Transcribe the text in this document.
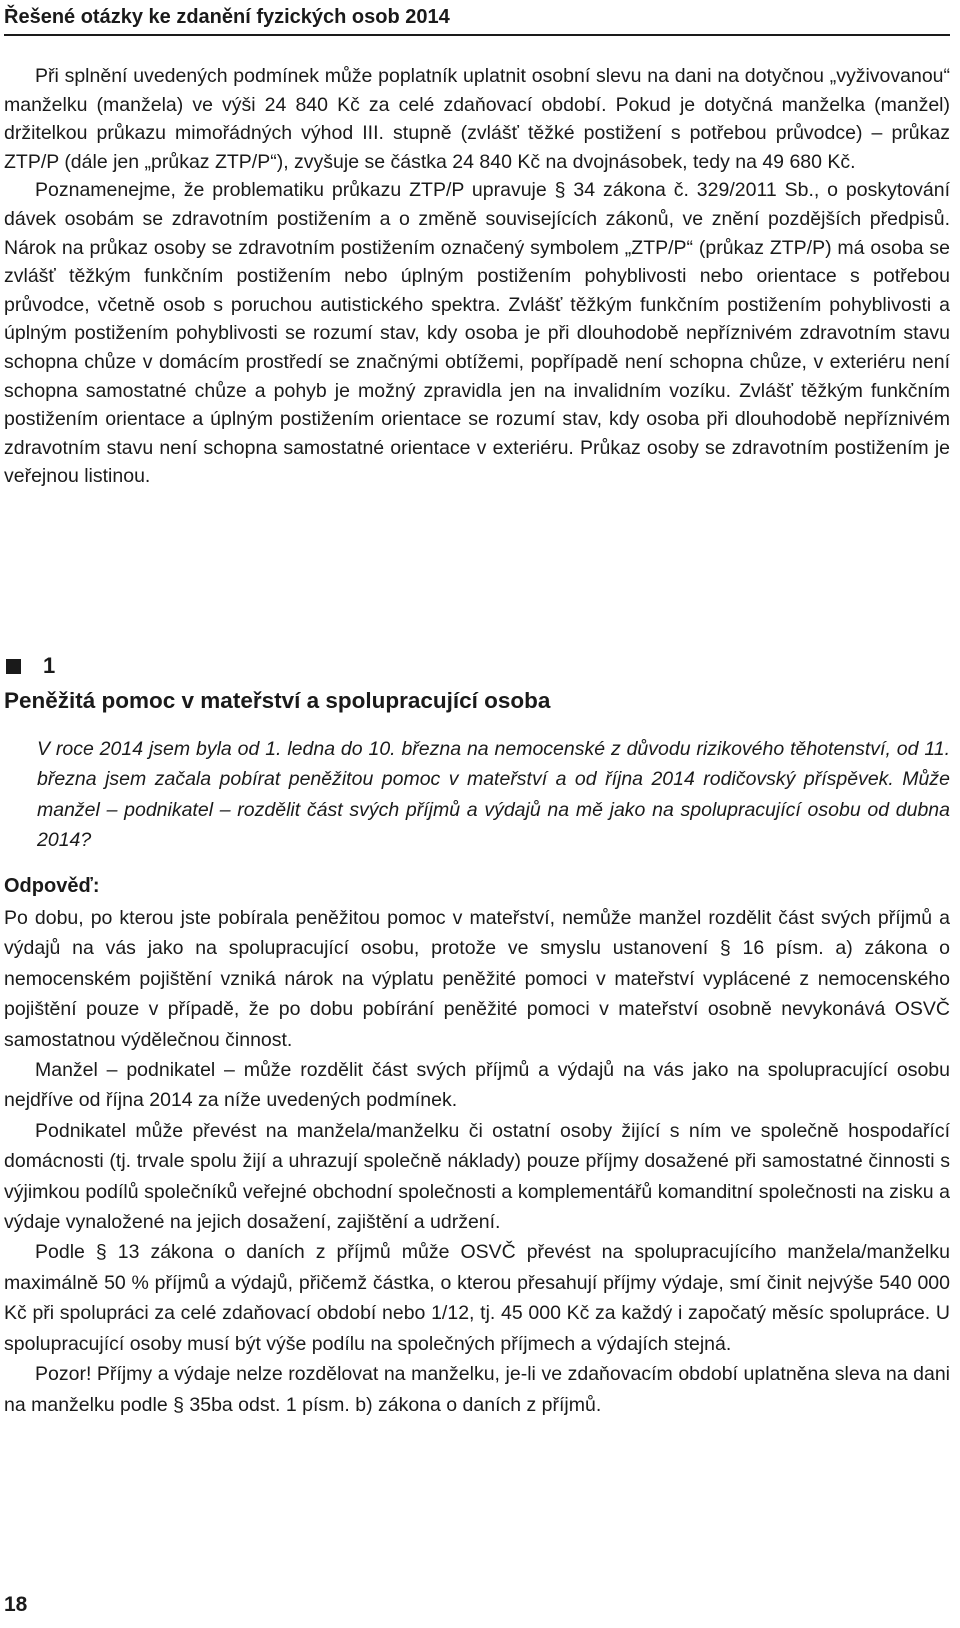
Řešené otázky ke zdanění fyzických osob 2014

Při splnění uvedených podmínek může poplatník uplatnit osobní slevu na dani na dotyčnou „vyživovanou“ manželku (manžela) ve výši 24 840 Kč za celé zdaňovací období. Pokud je dotyčná manželka (manžel) držitelkou průkazu mimořádných výhod III. stupně (zvlášť těžké postižení s potřebou průvodce) – průkaz ZTP/P (dále jen „průkaz ZTP/P“), zvyšuje se částka 24 840 Kč na dvojnásobek, tedy na 49 680 Kč.

Poznamenejme, že problematiku průkazu ZTP/P upravuje § 34 zákona č. 329/2011 Sb., o poskytování dávek osobám se zdravotním postižením a o změně souvisejících zákonů, ve znění pozdějších předpisů. Nárok na průkaz osoby se zdravotním postižením označený symbolem „ZTP/P“ (průkaz ZTP/P) má osoba se zvlášť těžkým funkčním postižením nebo úplným postižením pohyblivosti nebo orientace s potřebou průvodce, včetně osob s poruchou autistického spektra. Zvlášť těžkým funkčním postižením pohyblivosti a úplným postižením pohyblivosti se rozumí stav, kdy osoba je při dlouhodobě nepříznivém zdravotním stavu schopna chůze v domácím prostředí se značnými obtížemi, popřípadě není schopna chůze, v exteriéru není schopna samostatné chůze a pohyb je možný zpravidla jen na invalidním vozíku. Zvlášť těžkým funkčním postižením orientace a úplným postižením orientace se rozumí stav, kdy osoba při dlouhodobě nepříznivém zdravotním stavu není schopna samostatné orientace v exteriéru. Průkaz osoby se zdravotním postižením je veřejnou listinou.

1
Peněžitá pomoc v mateřství a spolupracující osoba
V roce 2014 jsem byla od 1. ledna do 10. března na nemocenské z důvodu rizikového těhotenství, od 11. března jsem začala pobírat peněžitou pomoc v mateřství a od října 2014 rodičovský příspěvek. Může manžel – podnikatel – rozdělit část svých příjmů a výdajů na mě jako na spolupracující osobu od dubna 2014?
Odpověď:

Po dobu, po kterou jste pobírala peněžitou pomoc v mateřství, nemůže manžel rozdělit část svých příjmů a výdajů na vás jako na spolupracující osobu, protože ve smyslu ustanovení § 16 písm. a) zákona o nemocenském pojištění vzniká nárok na výplatu peněžité pomoci v mateřství vyplácené z nemocenského pojištění pouze v případě, že po dobu pobírání peněžité pomoci v mateřství osobně nevykonává OSVČ samostatnou výdělečnou činnost.

Manžel – podnikatel – může rozdělit část svých příjmů a výdajů na vás jako na spolupracující osobu nejdříve od října 2014 za níže uvedených podmínek.

Podnikatel může převést na manžela/manželku či ostatní osoby žijící s ním ve společně hospodařící domácnosti (tj. trvale spolu žijí a uhrazují společně náklady) pouze příjmy dosažené při samostatné činnosti s výjimkou podílů společníků veřejné obchodní společnosti a komplementářů komanditní společnosti na zisku a výdaje vynaložené na jejich dosažení, zajištění a udržení.

Podle § 13 zákona o daních z příjmů může OSVČ převést na spolupracujícího manžela/manželku maximálně 50 % příjmů a výdajů, přičemž částka, o kterou přesahují příjmy výdaje, smí činit nejvýše 540 000 Kč při spolupráci za celé zdaňovací období nebo 1/12, tj. 45 000 Kč za každý i započatý měsíc spolupráce. U spolupracující osoby musí být výše podílu na společných příjmech a výdajích stejná.

Pozor! Příjmy a výdaje nelze rozdělovat na manželku, je-li ve zdaňovacím období uplatněna sleva na dani na manželku podle § 35ba odst. 1 písm. b) zákona o daních z příjmů.

18
